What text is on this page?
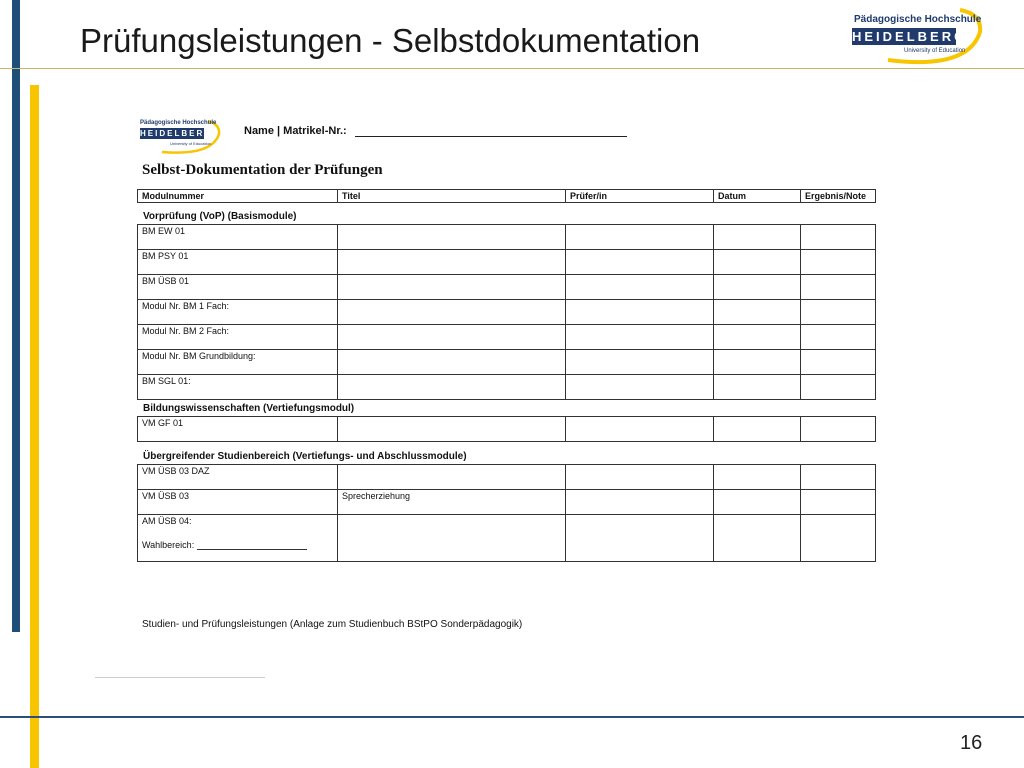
Prüfungsleistungen - Selbstdokumentation
Pädagogische Hochschule
HEIDELBERG
University of Education
Pädagogische Hochschule
HEIDELBERG
University of Education
Name | Matrikel-Nr.:
Selbst-Dokumentation der Prüfungen
Modulnummer	Titel	Prüfer/in	Datum	Ergebnis/Note
Vorprüfung (VoP) (Basismodule)
BM EW 01				
BM PSY 01				
BM ÜSB 01				
Modul Nr. BM 1 Fach:				
Modul Nr. BM 2 Fach:				
Modul Nr. BM Grundbildung:				
BM SGL 01:				
Bildungswissenschaften (Vertiefungsmodul)
VM GF 01				
Übergreifender Studienbereich (Vertiefungs- und Abschlussmodule)
VM ÜSB 03 DAZ				
VM ÜSB 03	Sprecherziehung			

AM ÜSB 04:
Wahlbereich:				

Studien- und Prüfungsleistungen (Anlage zum Studienbuch BStPO Sonderpädagogik)
16
